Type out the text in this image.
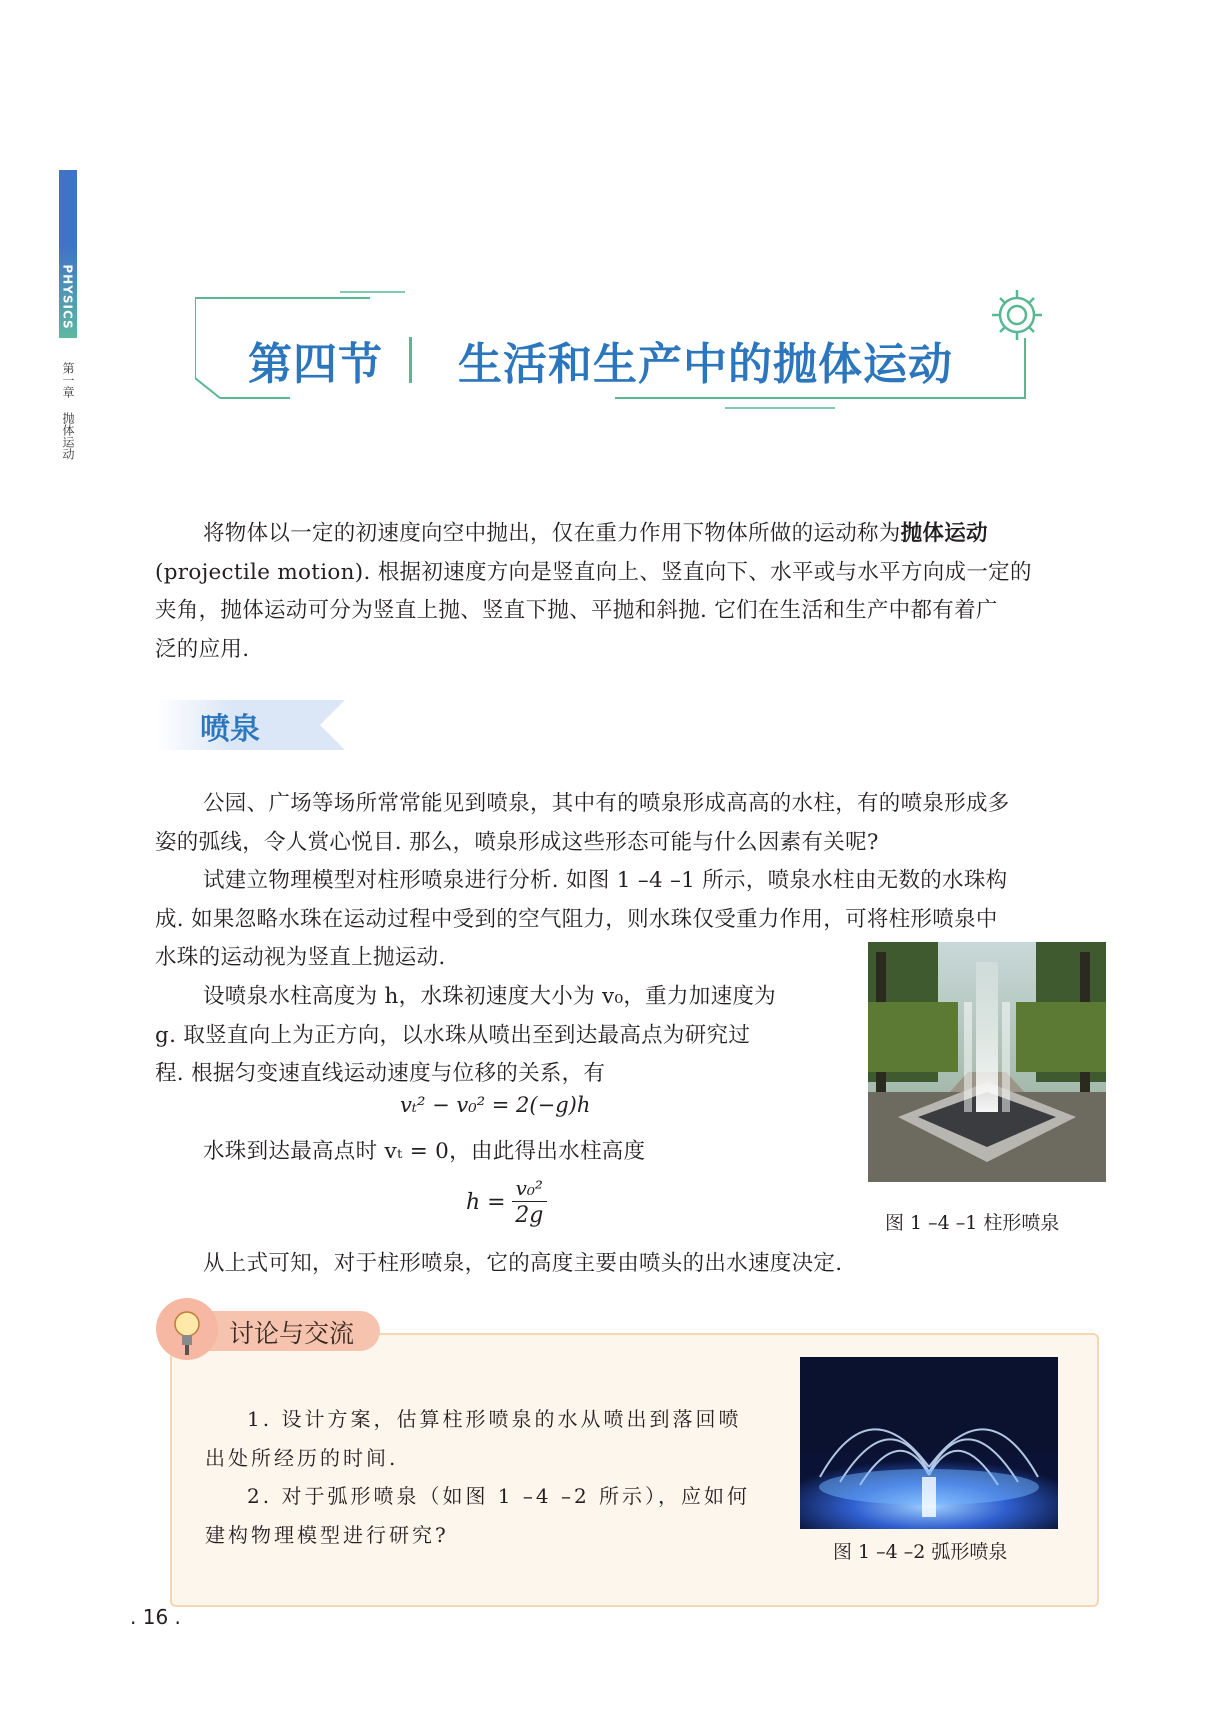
PHYSICS
第一章
抛体运动
第四节 生活和生产中的抛体运动

将物体以一定的初速度向空中抛出，仅在重力作用下物体所做的运动称为抛体运动
(projectile motion). 根据初速度方向是竖直向上、竖直向下、水平或与水平方向成一定的
夹角，抛体运动可分为竖直上抛、竖直下抛、平抛和斜抛. 它们在生活和生产中都有着广
泛的应用.

喷泉

公园、广场等场所常常能见到喷泉，其中有的喷泉形成高高的水柱，有的喷泉形成多
姿的弧线，令人赏心悦目. 那么，喷泉形成这些形态可能与什么因素有关呢?
试建立物理模型对柱形喷泉进行分析. 如图 1 –4 –1 所示，喷泉水柱由无数的水珠构
成. 如果忽略水珠在运动过程中受到的空气阻力，则水珠仅受重力作用，可将柱形喷泉中
水珠的运动视为竖直上抛运动.

设喷泉水柱高度为 h，水珠初速度大小为 v₀，重力加速度为
g. 取竖直向上为正方向，以水珠从喷出至到达最高点为研究过
程. 根据匀变速直线运动速度与位移的关系，有

vₜ² − v₀² = 2(−g)h

水珠到达最高点时 vₜ = 0，由此得出水柱高度

$h = \frac{\text{v₀²}}{2g}$

从上式可知，对于柱形喷泉，它的高度主要由喷头的出水速度决定.

图 1 –4 –1 柱形喷泉
讨论与交流

1. 设计方案，估算柱形喷泉的水从喷出到落回喷
出处所经历的时间.
2. 对于弧形喷泉（如图 1 –4 –2 所示），应如何
建构物理模型进行研究?

图 1 –4 –2 弧形喷泉
. 16 .
